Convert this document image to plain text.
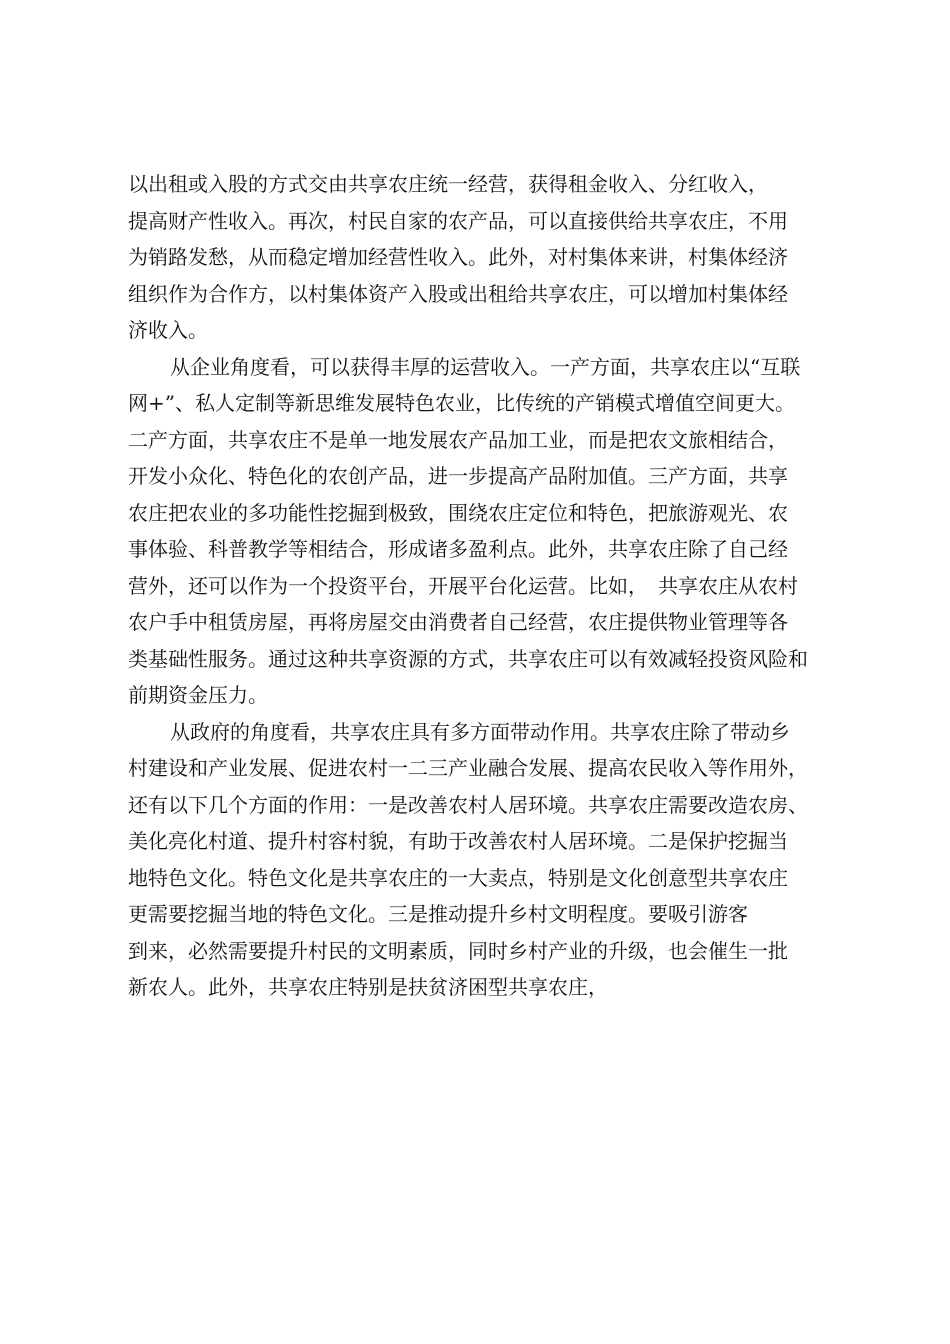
以出租或入股的方式交由共享农庄统一经营，获得租金收入、分红收入，
提高财产性收入。再次，村民自家的农产品，可以直接供给共享农庄，不用
为销路发愁，从而稳定增加经营性收入。此外，对村集体来讲，村集体经济
组织作为合作方，以村集体资产入股或出租给共享农庄，可以增加村集体经
济收入。
从企业角度看，可以获得丰厚的运营收入。一产方面，共享农庄以“互联
网+”、私人定制等新思维发展特色农业，比传统的产销模式增值空间更大。
二产方面，共享农庄不是单一地发展农产品加工业，而是把农文旅相结合，
开发小众化、特色化的农创产品，进一步提高产品附加值。三产方面，共享
农庄把农业的多功能性挖掘到极致，围绕农庄定位和特色，把旅游观光、农
事体验、科普教学等相结合，形成诸多盈利点。此外，共享农庄除了自己经
营外，还可以作为一个投资平台，开展平台化运营。比如，　共享农庄从农村
农户手中租赁房屋，再将房屋交由消费者自己经营，农庄提供物业管理等各
类基础性服务。通过这种共享资源的方式，共享农庄可以有效减轻投资风险和
前期资金压力。
从政府的角度看，共享农庄具有多方面带动作用。共享农庄除了带动乡
村建设和产业发展、促进农村一二三产业融合发展、提高农民收入等作用外，
还有以下几个方面的作用：一是改善农村人居环境。共享农庄需要改造农房、
美化亮化村道、提升村容村貌，有助于改善农村人居环境。二是保护挖掘当
地特色文化。特色文化是共享农庄的一大卖点，特别是文化创意型共享农庄
更需要挖掘当地的特色文化。三是推动提升乡村文明程度。要吸引游客
到来，必然需要提升村民的文明素质，同时乡村产业的升级，也会催生一批
新农人。此外，共享农庄特别是扶贫济困型共享农庄，
